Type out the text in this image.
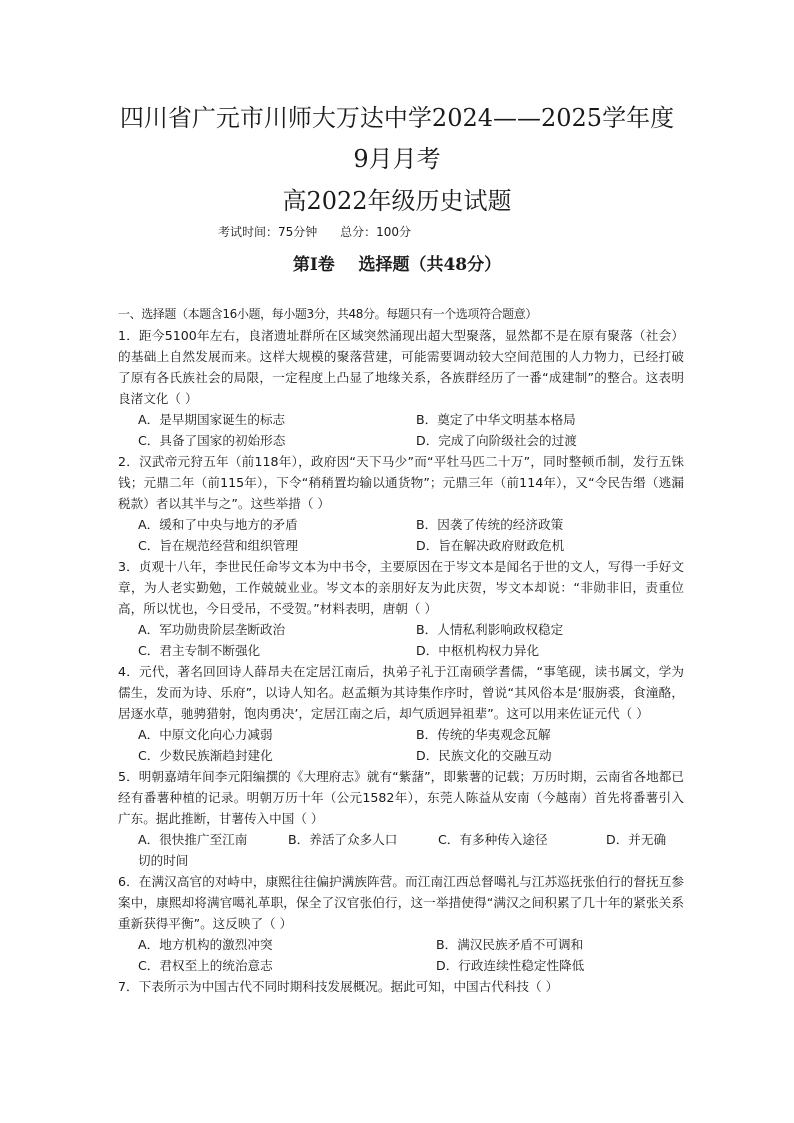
四川省广元市川师大万达中学2024——2025学年度
9月月考
高2022年级历史试题
考试时间：75分钟      总分：100分
第Ⅰ卷    选择题（共48分）

一、选择题（本题含16小题，每小题3分，共48分。每题只有一个选项符合题意）

1．距今5100年左右，良渚遗址群所在区域突然涌现出超大型聚落，显然都不是在原有聚落（社会）的基础上自然发展而来。这样大规模的聚落营建，可能需要调动较大空间范围的人力物力，已经打破了原有各氏族社会的局限，一定程度上凸显了地缘关系，各族群经历了一番“成建制”的整合。这表明良渚文化（ ）

A．是早期国家诞生的标志	B．奠定了中华文明基本格局
C．具备了国家的初始形态	D．完成了向阶级社会的过渡

2．汉武帝元狩五年（前118年），政府因“天下马少”而“平牡马匹二十万”，同时整顿币制，发行五铢钱；元鼎二年（前115年），下令“稍稍置均输以通货物”；元鼎三年（前114年），又“令民告缗（逃漏税款）者以其半与之”。这些举措（ ）

A．缓和了中央与地方的矛盾	B．因袭了传统的经济政策
C．旨在规范经营和组织管理	D．旨在解决政府财政危机

3．贞观十八年，李世民任命岑文本为中书令，主要原因在于岑文本是闻名于世的文人，写得一手好文章，为人老实勤勉，工作兢兢业业。岑文本的亲朋好友为此庆贺，岑文本却说：“非勋非旧，责重位高，所以忧也，今日受吊，不受贺。”材料表明，唐朝（ ）

A．军功勋贵阶层垄断政治	B．人情私利影响政权稳定
C．君主专制不断强化	D．中枢机构权力异化

4．元代，著名回回诗人薛昂夫在定居江南后，执弟子礼于江南硕学耆儒，“事笔砚，读书属文，学为儒生，发而为诗、乐府”，以诗人知名。赵孟頫为其诗集作序时，曾说“其风俗本是‘服旃裘，食潼酪，居逐水草，驰骋猎射，饱肉勇决’，定居江南之后，却气质迥异祖辈”。这可以用来佐证元代（ ）

A．中原文化向心力减弱	B．传统的华夷观念瓦解
C．少数民族渐趋封建化	D．民族文化的交融互动

5．明朝嘉靖年间李元阳编撰的《大理府志》就有“紫藷”，即紫薯的记载；万历时期，云南省各地都已经有番薯种植的记录。明朝万历十年（公元1582年），东莞人陈益从安南（今越南）首先将番薯引入广东。据此推断，甘薯传入中国（ ）

A．很快推广至江南	B．养活了众多人口	C．有多种传入途径	D．并无确
切的时间

6．在满汉高官的对峙中，康熙往往偏护满族阵营。而江南江西总督噶礼与江苏巡抚张伯行的督抚互参案中，康熙却将满官噶礼革职，保全了汉官张伯行，这一举措使得“满汉之间积累了几十年的紧张关系重新获得平衡”。这反映了（ ）

A．地方机构的激烈冲突	B．满汉民族矛盾不可调和
C．君权至上的统治意志	D．行政连续性稳定性降低

7．下表所示为中国古代不同时期科技发展概况。据此可知，中国古代科技（ ）
